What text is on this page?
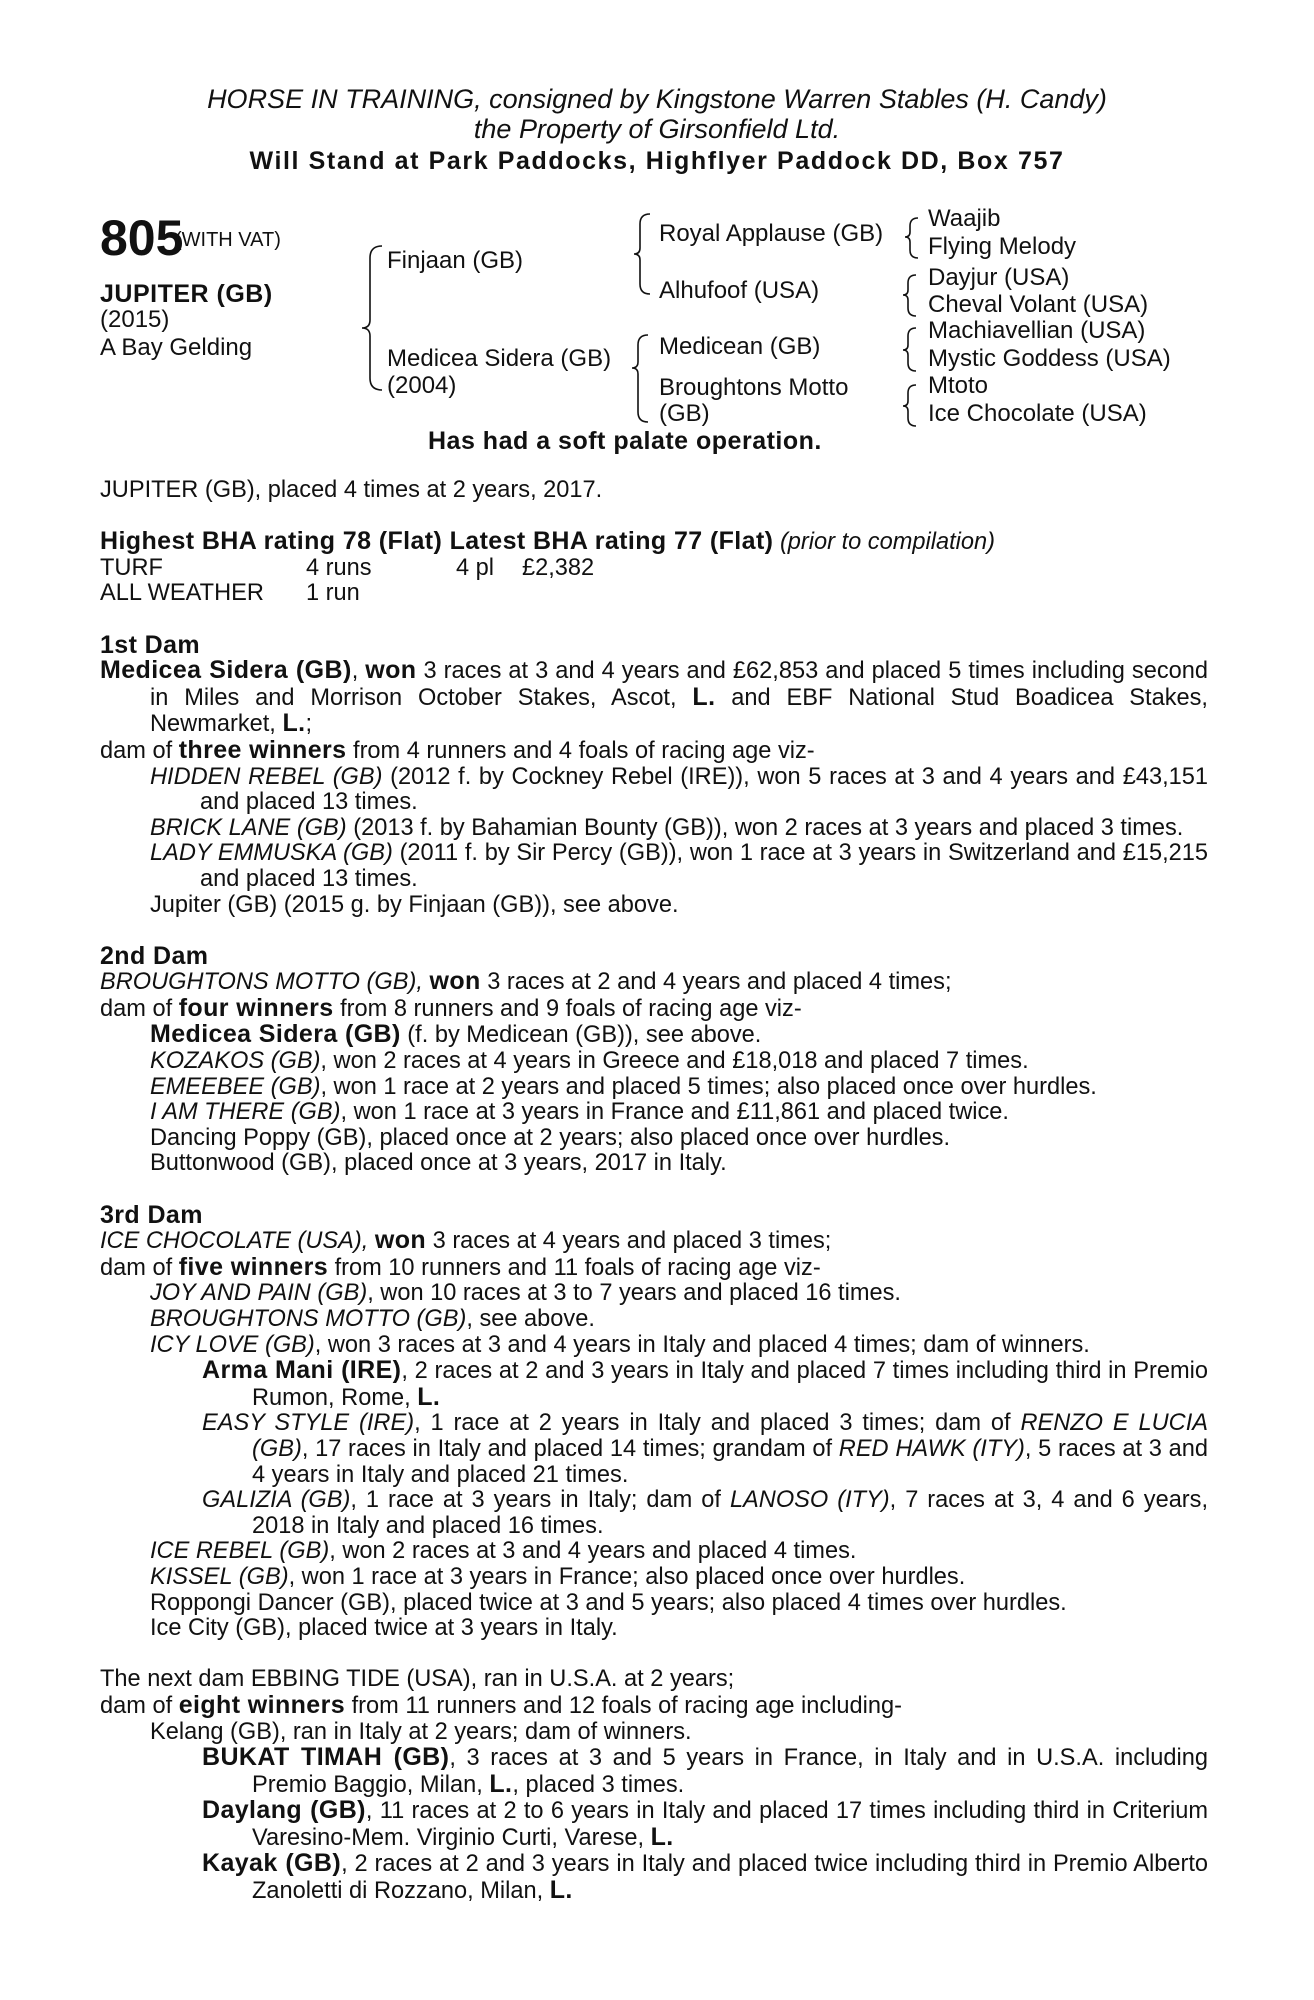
HORSE IN TRAINING, consigned by Kingstone Warren Stables (H. Candy)
the Property of Girsonfield Ltd.
Will Stand at Park Paddocks, Highflyer Paddock DD, Box 757
805
(WITH VAT)
JUPITER (GB)
(2015)
A Bay Gelding
Finjaan (GB)
Medicea Sidera (GB)
(2004)
Royal Applause (GB)
Alhufoof (USA)
Medicean (GB)
Broughtons Motto
(GB)
Waajib
Flying Melody
Dayjur (USA)
Cheval Volant (USA)
Machiavellian (USA)
Mystic Goddess (USA)
Mtoto
Ice Chocolate (USA)
Has had a soft palate operation.

JUPITER (GB), placed 4 times at 2 years, 2017.

Highest BHA rating 78 (Flat) Latest BHA rating 77 (Flat) (prior to compilation)

TURF	4 runs	4 pl £2,382

ALL WEATHER 1 run

1st Dam

Medicea Sidera (GB), won 3 races at 3 and 4 years and £62,853 and placed 5 times including second in Miles and Morrison October Stakes, Ascot, L. and EBF National Stud Boadicea Stakes, Newmarket, L.;

dam of three winners from 4 runners and 4 foals of racing age viz-

HIDDEN REBEL (GB) (2012 f. by Cockney Rebel (IRE)), won 5 races at 3 and 4 years and £43,151 and placed 13 times.

BRICK LANE (GB) (2013 f. by Bahamian Bounty (GB)), won 2 races at 3 years and placed 3 times.

LADY EMMUSKA (GB) (2011 f. by Sir Percy (GB)), won 1 race at 3 years in Switzerland and £15,215 and placed 13 times.

Jupiter (GB) (2015 g. by Finjaan (GB)), see above.

2nd Dam

BROUGHTONS MOTTO (GB), won 3 races at 2 and 4 years and placed 4 times;

dam of four winners from 8 runners and 9 foals of racing age viz-

Medicea Sidera (GB) (f. by Medicean (GB)), see above.

KOZAKOS (GB), won 2 races at 4 years in Greece and £18,018 and placed 7 times.

EMEEBEE (GB), won 1 race at 2 years and placed 5 times; also placed once over hurdles.

I AM THERE (GB), won 1 race at 3 years in France and £11,861 and placed twice.

Dancing Poppy (GB), placed once at 2 years; also placed once over hurdles.

Buttonwood (GB), placed once at 3 years, 2017 in Italy.

3rd Dam

ICE CHOCOLATE (USA), won 3 races at 4 years and placed 3 times;

dam of five winners from 10 runners and 11 foals of racing age viz-

JOY AND PAIN (GB), won 10 races at 3 to 7 years and placed 16 times.

BROUGHTONS MOTTO (GB), see above.

ICY LOVE (GB), won 3 races at 3 and 4 years in Italy and placed 4 times; dam of winners.

Arma Mani (IRE), 2 races at 2 and 3 years in Italy and placed 7 times including third in Premio Rumon, Rome, L.

EASY STYLE (IRE), 1 race at 2 years in Italy and placed 3 times; dam of RENZO E LUCIA (GB), 17 races in Italy and placed 14 times; grandam of RED HAWK (ITY), 5 races at 3 and 4 years in Italy and placed 21 times.

GALIZIA (GB), 1 race at 3 years in Italy; dam of LANOSO (ITY), 7 races at 3, 4 and 6 years, 2018 in Italy and placed 16 times.

ICE REBEL (GB), won 2 races at 3 and 4 years and placed 4 times.

KISSEL (GB), won 1 race at 3 years in France; also placed once over hurdles.

Roppongi Dancer (GB), placed twice at 3 and 5 years; also placed 4 times over hurdles.

Ice City (GB), placed twice at 3 years in Italy.

The next dam EBBING TIDE (USA), ran in U.S.A. at 2 years;

dam of eight winners from 11 runners and 12 foals of racing age including-

Kelang (GB), ran in Italy at 2 years; dam of winners.

BUKAT TIMAH (GB), 3 races at 3 and 5 years in France, in Italy and in U.S.A. including Premio Baggio, Milan, L., placed 3 times.

Daylang (GB), 11 races at 2 to 6 years in Italy and placed 17 times including third in Criterium Varesino-Mem. Virginio Curti, Varese, L.

Kayak (GB), 2 races at 2 and 3 years in Italy and placed twice including third in Premio Alberto Zanoletti di Rozzano, Milan, L.
